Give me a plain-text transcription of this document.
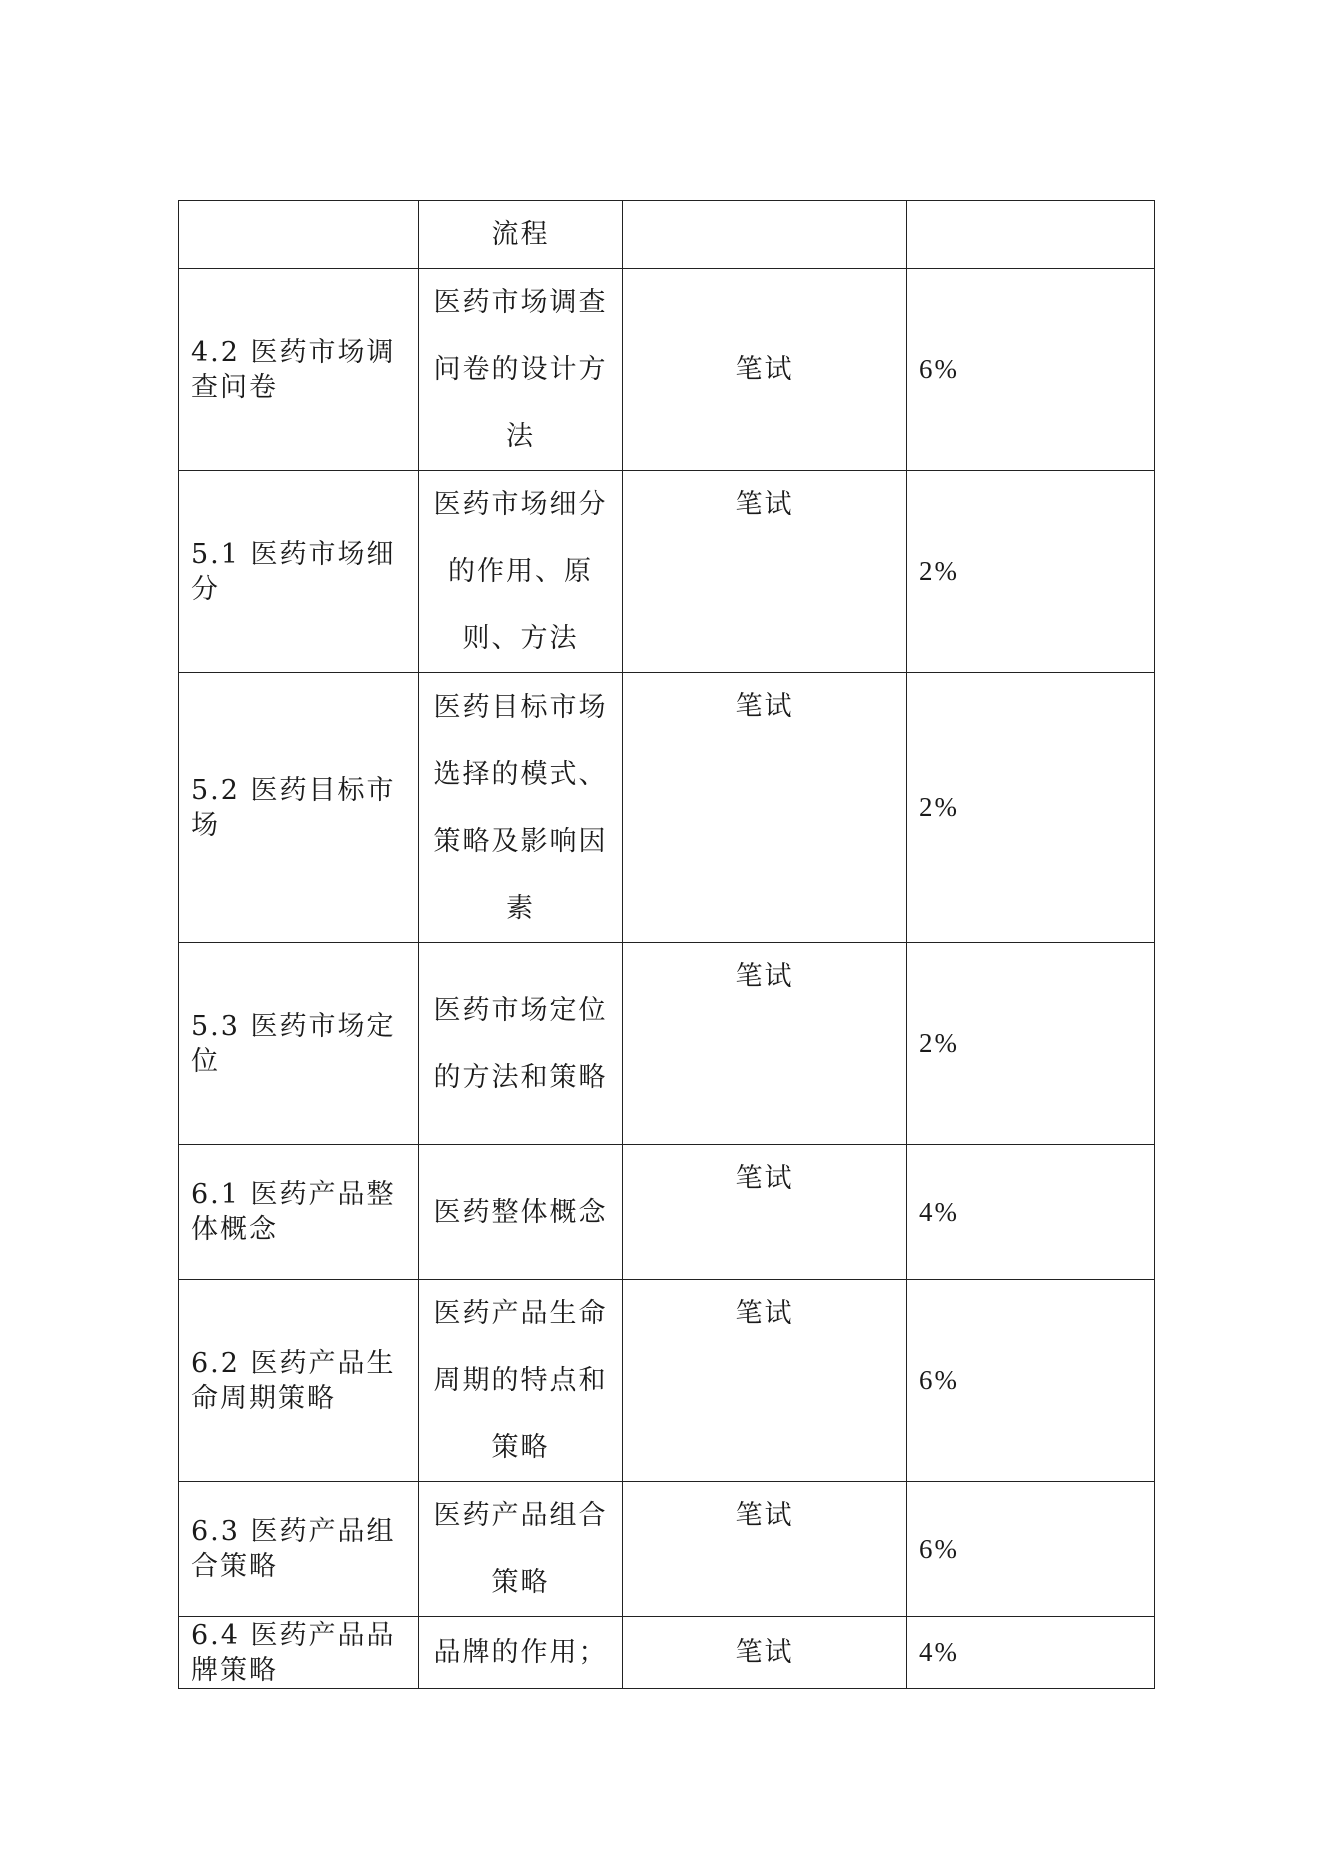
	流程		

4.2 医药市场调查问卷	医药市场调查问卷的设计方法	笔试	6%

5.1 医药市场细分	医药市场细分的作用、原则、方法	笔试	2%

5.2 医药目标市场	医药目标市场选择的模式、策略及影响因素	笔试	2%

5.3 医药市场定位	医药市场定位的方法和策略	笔试	2%

6.1 医药产品整体概念	医药整体概念	笔试	4%

6.2 医药产品生命周期策略	医药产品生命周期的特点和策略	笔试	6%

6.3 医药产品组合策略	医药产品组合策略	笔试	6%

6.4 医药产品品牌策略	品牌的作用；	笔试	4%
